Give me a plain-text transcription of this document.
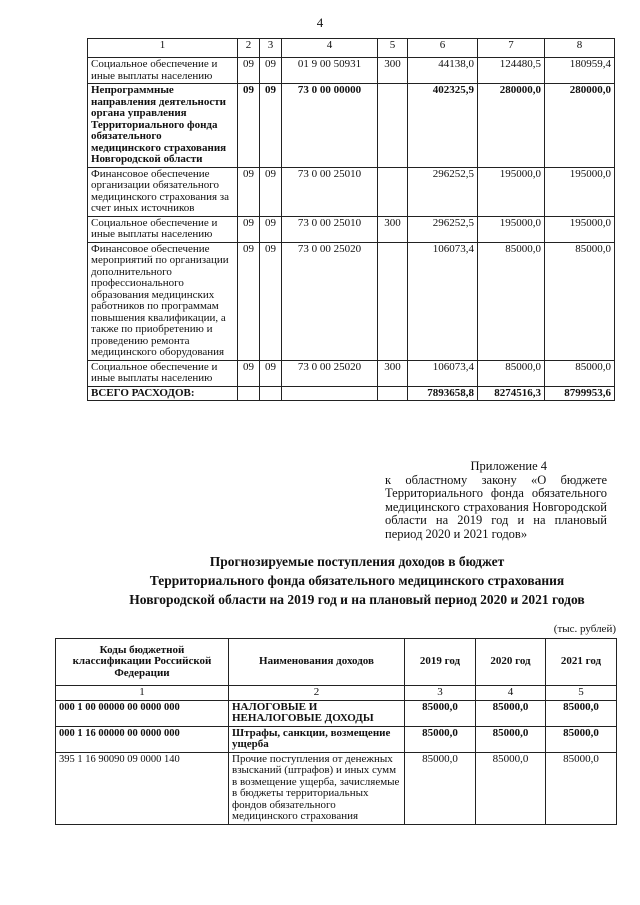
4
1	2	3	4	5	6	7	8
Социальное обеспечение и иные выплаты населению	09	09	01 9 00 50931	300	44138,0	124480,5	180959,4
Непрограммные направления деятельности органа управления Территориального фонда обязательного медицинского страхования Новгородской области	09	09	73 0 00 00000		402325,9	280000,0	280000,0
Финансовое обеспечение организации обязательного медицинского страхования за счет иных источников	09	09	73 0 00 25010		296252,5	195000,0	195000,0
Социальное обеспечение и иные выплаты населению	09	09	73 0 00 25010	300	296252,5	195000,0	195000,0
Финансовое обеспечение мероприятий по организации дополнительного профессионального образования медицинских работников по программам повышения квалификации, а также по приобретению и проведению ремонта медицинского оборудования	09	09	73 0 00 25020		106073,4	85000,0	85000,0
Социальное обеспечение и иные выплаты населению	09	09	73 0 00 25020	300	106073,4	85000,0	85000,0
ВСЕГО РАСХОДОВ:					7893658,8	8274516,3	8799953,6
Приложение 4
к областному закону «О бюджете Территориального фонда обязательного медицинского страхования Новгородской области на 2019 год и на плановый период 2020 и 2021 годов»
Прогнозируемые поступления доходов в бюджет
Территориального фонда обязательного медицинского страхования
Новгородской области на 2019 год и на плановый период 2020 и 2021 годов
(тыс. рублей)
Коды бюджетной классификации Российской Федерации	Наименования доходов	2019 год	2020 год	2021 год
1	2	3	4	5
000 1 00 00000 00 0000 000	НАЛОГОВЫЕ И НЕНАЛОГОВЫЕ ДОХОДЫ	85000,0	85000,0	85000,0
000 1 16 00000 00 0000 000	Штрафы, санкции, возмещение ущерба	85000,0	85000,0	85000,0
395 1 16 90090 09 0000 140	Прочие поступления от денежных взысканий (штрафов) и иных сумм в возмещение ущерба, зачисляемые в бюджеты территориальных фондов обязательного медицинского страхования	85000,0	85000,0	85000,0
